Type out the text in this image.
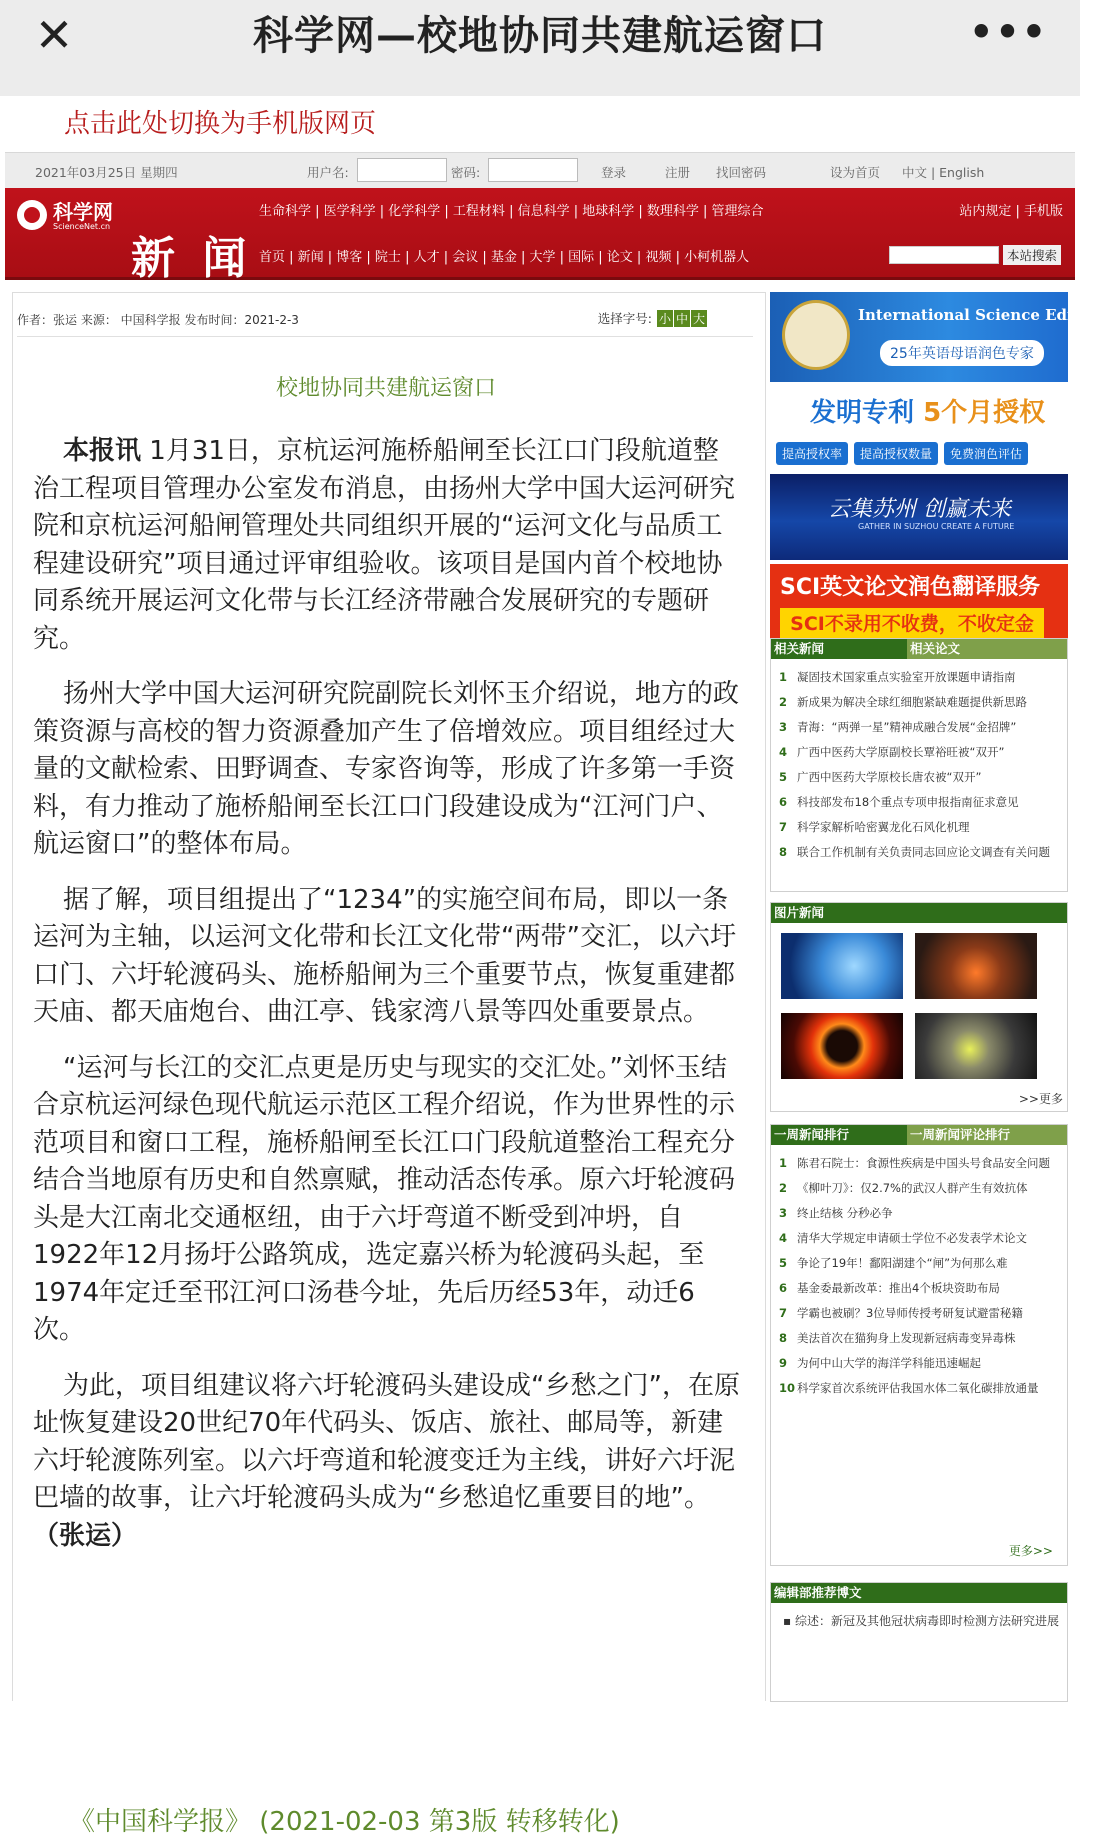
✕	科学网—校地协同共建航运窗口	•••
点击此处切换为手机版网页
2021年03月25日 星期四	用户名:	密码:	登录	注册 找回密码	设为首页 中文 | English
科学网
ScienceNet.cn
新 闻
生命科学 | 医学科学 | 化学科学 | 工程材料 | 信息科学 | 地球科学 | 数理科学 | 管理综合
首页 | 新闻 | 博客 | 院士 | 人才 | 会议 | 基金 | 大学 | 国际 | 论文 | 视频 | 小柯机器人
站内规定 | 手机版
本站搜索
作者：张运 来源： 中国科学报 发布时间：2021-2-3	选择字号: 小 中 大
校地协同共建航运窗口

本报讯 1月31日，京杭运河施桥船闸至长江口门段航道整治工程项目管理办公室发布消息，由扬州大学中国大运河研究院和京杭运河船闸管理处共同组织开展的“运河文化与品质工程建设研究”项目通过评审组验收。该项目是国内首个校地协同系统开展运河文化带与长江经济带融合发展研究的专题研究。

扬州大学中国大运河研究院副院长刘怀玉介绍说，地方的政策资源与高校的智力资源叠加产生了倍增效应。项目组经过大量的文献检索、田野调查、专家咨询等，形成了许多第一手资料，有力推动了施桥船闸至长江口门段建设成为“江河门户、航运窗口”的整体布局。

据了解，项目组提出了“1234”的实施空间布局，即以一条运河为主轴，以运河文化带和长江文化带“两带”交汇，以六圩口门、六圩轮渡码头、施桥船闸为三个重要节点，恢复重建都天庙、都天庙炮台、曲江亭、钱家湾八景等四处重要景点。

“运河与长江的交汇点更是历史与现实的交汇处。”刘怀玉结合京杭运河绿色现代航运示范区工程介绍说，作为世界性的示范项目和窗口工程，施桥船闸至长江口门段航道整治工程充分结合当地原有历史和自然禀赋，推动活态传承。原六圩轮渡码头是大江南北交通枢纽，由于六圩弯道不断受到冲坍，自1922年12月扬圩公路筑成，选定嘉兴桥为轮渡码头起，至1974年定迁至邗江河口汤巷今址，先后历经53年，动迁6次。

为此，项目组建议将六圩轮渡码头建设成“乡愁之门”，在原址恢复建设20世纪70年代码头、饭店、旅社、邮局等，新建六圩轮渡陈列室。以六圩弯道和轮渡变迁为主线，讲好六圩泥巴墙的故事，让六圩轮渡码头成为“乡愁追忆重要目的地”。（张运）

《中国科学报》 (2021-02-03 第3版 转移转化)
International Science Editing
25年英语母语润色专家
发明专利 5个月授权
提高授权率 提高授权数量 免费润色评估
云集苏州 创赢未来
GATHER IN SUZHOU CREATE A FUTURE
SCI英文论文润色翻译服务
SCI不录用不收费，不收定金
相关新闻	相关论文
1 凝固技术国家重点实验室开放课题申请指南
2 新成果为解决全球红细胞紧缺难题提供新思路
3 青海：“两弹一星”精神成融合发展“金招牌”
4 广西中医药大学原副校长覃裕旺被“双开”
5 广西中医药大学原校长唐农被“双开”
6 科技部发布18个重点专项申报指南征求意见
7 科学家解析哈密翼龙化石风化机理
8 联合工作机制有关负责同志回应论文调查有关问题
图片新闻
>>更多
一周新闻排行	一周新闻评论排行
1 陈君石院士：食源性疾病是中国头号食品安全问题
2 《柳叶刀》：仅2.7%的武汉人群产生有效抗体
3 终止结核 分秒必争
4 清华大学规定申请硕士学位不必发表学术论文
5 争论了19年！鄱阳湖建个“闸”为何那么难
6 基金委最新改革：推出4个板块资助布局
7 学霸也被刷？3位导师传授考研复试避雷秘籍
8 美法首次在猫狗身上发现新冠病毒变异毒株
9 为何中山大学的海洋学科能迅速崛起
10 科学家首次系统评估我国水体二氧化碳排放通量
更多>>
编辑部推荐博文
▪ 综述：新冠及其他冠状病毒即时检测方法研究进展
